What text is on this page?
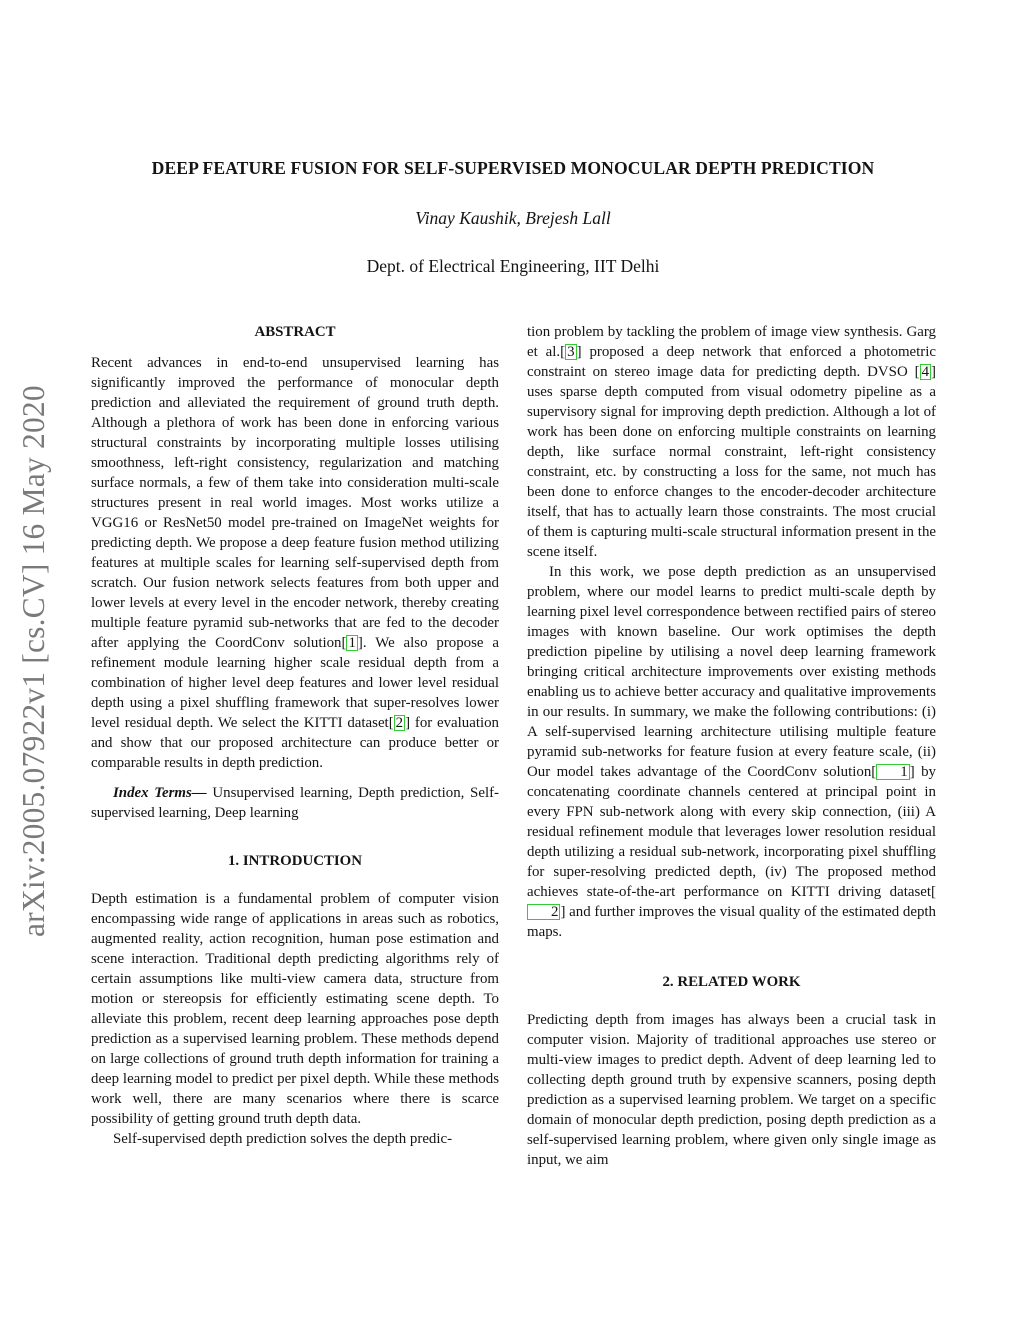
arXiv:2005.07922v1 [cs.CV] 16 May 2020
DEEP FEATURE FUSION FOR SELF-SUPERVISED MONOCULAR DEPTH PREDICTION
Vinay Kaushik, Brejesh Lall
Dept. of Electrical Engineering, IIT Delhi
ABSTRACT

Recent advances in end-to-end unsupervised learning has significantly improved the performance of monocular depth prediction and alleviated the requirement of ground truth depth. Although a plethora of work has been done in enforcing various structural constraints by incorporating multiple losses utilising smoothness, left-right consistency, regularization and matching surface normals, a few of them take into consideration multi-scale structures present in real world images. Most works utilize a VGG16 or ResNet50 model pre-trained on ImageNet weights for predicting depth. We propose a deep feature fusion method utilizing features at multiple scales for learning self-supervised depth from scratch. Our fusion network selects features from both upper and lower levels at every level in the encoder network, thereby creating multiple feature pyramid sub-networks that are fed to the decoder after applying the CoordConv solution[ 1 ]. We also propose a refinement module learning higher scale residual depth from a combination of higher level deep features and lower level residual depth using a pixel shuffling framework that super-resolves lower level residual depth. We select the KITTI dataset[ 2 ] for evaluation and show that our proposed architecture can produce better or comparable results in depth prediction.

Index Terms— Unsupervised learning, Depth prediction, Self-supervised learning, Deep learning

1. INTRODUCTION

Depth estimation is a fundamental problem of computer vision encompassing wide range of applications in areas such as robotics, augmented reality, action recognition, human pose estimation and scene interaction. Traditional depth predicting algorithms rely of certain assumptions like multi-view camera data, structure from motion or stereopsis for efficiently estimating scene depth. To alleviate this problem, recent deep learning approaches pose depth prediction as a supervised learning problem. These methods depend on large collections of ground truth depth information for training a deep learning model to predict per pixel depth. While these methods work well, there are many scenarios where there is scarce possibility of getting ground truth depth data.

Self-supervised depth prediction solves the depth predic-

tion problem by tackling the problem of image view synthesis. Garg et al.[ 3 ] proposed a deep network that enforced a photometric constraint on stereo image data for predicting depth. DVSO [ 4 ] uses sparse depth computed from visual odometry pipeline as a supervisory signal for improving depth prediction. Although a lot of work has been done on enforcing multiple constraints on learning depth, like surface normal constraint, left-right consistency constraint, etc. by constructing a loss for the same, not much has been done to enforce changes to the encoder-decoder architecture itself, that has to actually learn those constraints. The most crucial of them is capturing multi-scale structural information present in the scene itself.

In this work, we pose depth prediction as an unsupervised problem, where our model learns to predict multi-scale depth by learning pixel level correspondence between rectified pairs of stereo images with known baseline. Our work optimises the depth prediction pipeline by utilising a novel deep learning framework bringing critical architecture improvements over existing methods enabling us to achieve better accuracy and qualitative improvements in our results. In summary, we make the following contributions: (i) A self-supervised learning architecture utilising multiple feature pyramid sub-networks for feature fusion at every feature scale, (ii) Our model takes advantage of the CoordConv solution[ 1 ] by concatenating coordinate channels centered at principal point in every FPN sub-network along with every skip connection, (iii) A residual refinement module that leverages lower resolution residual depth utilizing a residual sub-network, incorporating pixel shuffling for super-resolving predicted depth, (iv) The proposed method achieves state-of-the-art performance on KITTI driving dataset[2 ] and further improves the visual quality of the estimated depth maps.

2. RELATED WORK

Predicting depth from images has always been a crucial task in computer vision. Majority of traditional approaches use stereo or multi-view images to predict depth. Advent of deep learning led to collecting depth ground truth by expensive scanners, posing depth prediction as a supervised learning problem. We target on a specific domain of monocular depth prediction, posing depth prediction as a self-supervised learning problem, where given only single image as input, we aim
